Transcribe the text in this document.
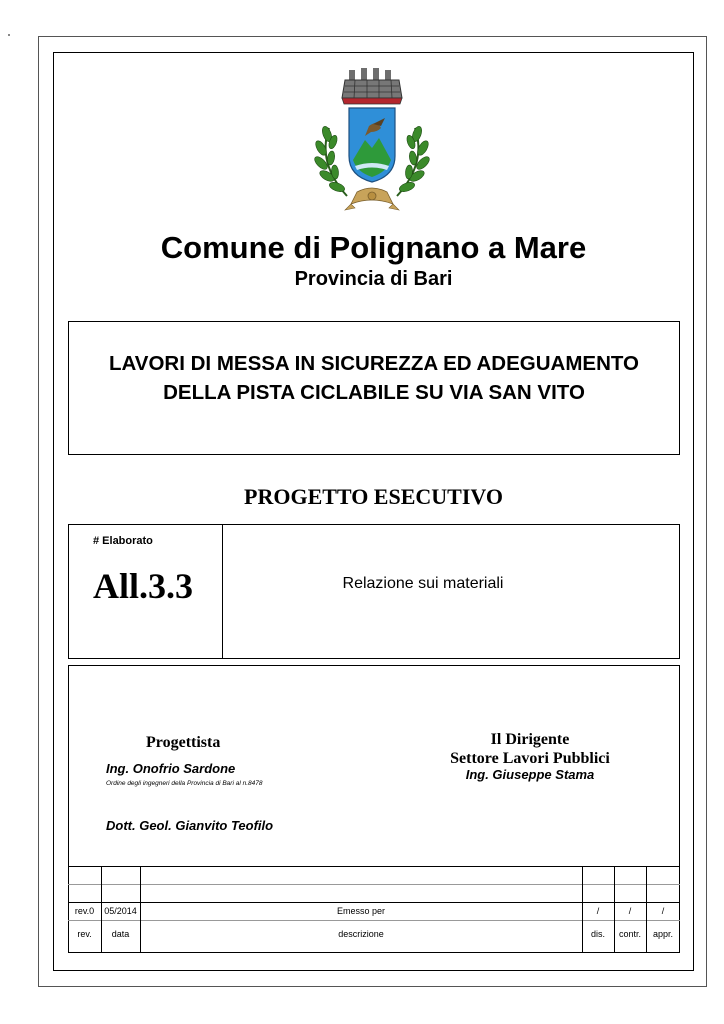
Comune di Polignano a Mare
Provincia di Bari
LAVORI DI MESSA IN SICUREZZA ED ADEGUAMENTO
DELLA PISTA CICLABILE SU VIA SAN VITO
PROGETTO ESECUTIVO
# Elaborato
All.3.3	Relazione sui materiali
Progettista
Ing. Onofrio Sardone
Ordine degli ingegneri della Provincia di Bari al n.8478
Dott. Geol. Gianvito Teofilo
Il Dirigente
Settore Lavori Pubblici
Ing. Giuseppe Stama
rev.0	05/2014	Emesso per	/	/	/
rev.	data	descrizione	dis.	contr.	appr.
